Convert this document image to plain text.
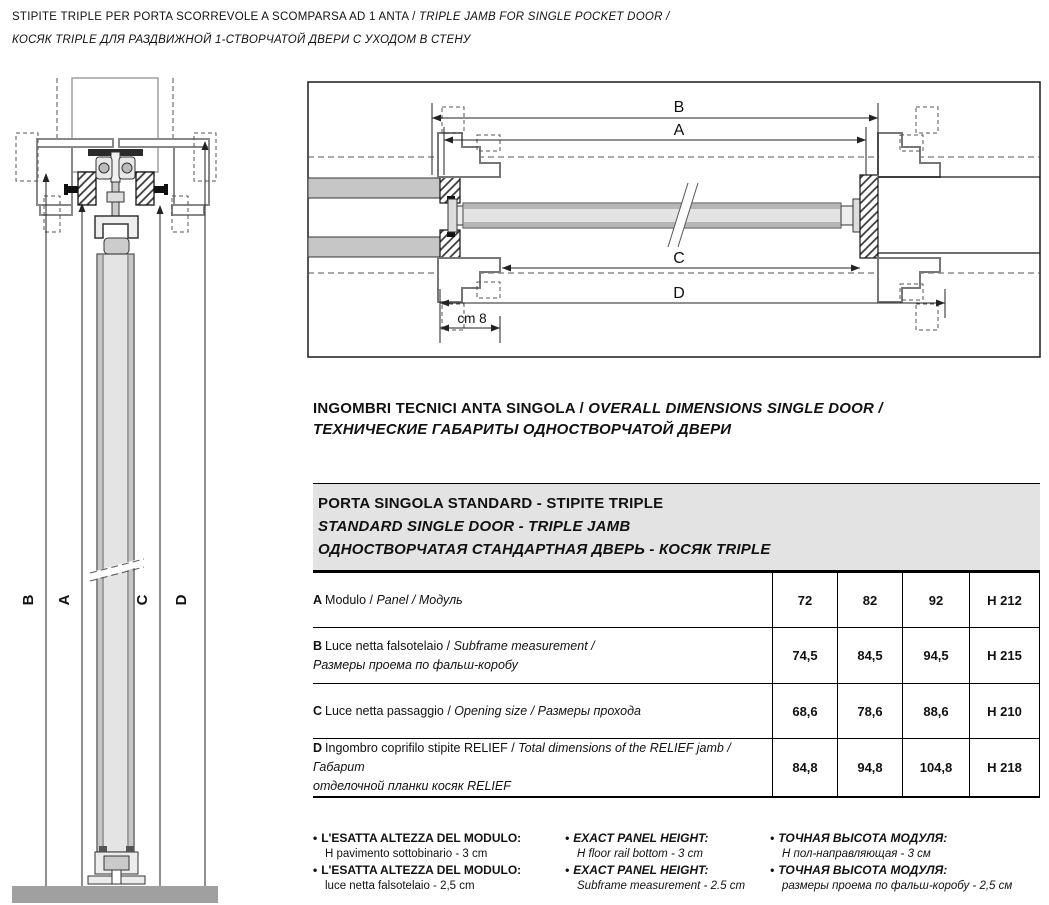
STIPITE TRIPLE PER PORTA SCORREVOLE A SCOMPARSA AD 1 ANTA / TRIPLE JAMB FOR SINGLE POCKET DOOR /
КОСЯК TRIPLE ДЛЯ РАЗДВИЖНОЙ 1-СТВОРЧАТОЙ ДВЕРИ С УХОДОМ В СТЕНУ
B A	C D
B
A
C
D
cm 8
INGOMBRI TECNICI ANTA SINGOLA / OVERALL DIMENSIONS SINGLE DOOR /
ТЕХНИЧЕСКИЕ ГАБАРИТЫ ОДНОСТВОРЧАТОЙ ДВЕРИ
PORTA SINGOLA STANDARD - STIPITE TRIPLE
STANDARD SINGLE DOOR - TRIPLE JAMB
ОДНОСТВОРЧАТАЯ СТАНДАРТНАЯ ДВЕРЬ - КОСЯК TRIPLE
A Modulo / Panel / Модуль	72	82	92	H 212
B Luce netta falsotelaio / Subframe measurement /
Размеры проема по фальш-коробу
74,5	84,5	94,5	H 215
C Luce netta passaggio / Opening size / Размеры прохода	68,6	78,6	88,6	H 210
D Ingombro coprifilo stipite RELIEF / Total dimensions of the RELIEF jamb / Габарит
отделочной планки косяк RELIEF
84,8	94,8	104,8	H 218
• L'ESATTA ALTEZZA DEL MODULO:
H pavimento sottobinario - 3 cm
• L'ESATTA ALTEZZA DEL MODULO:
luce netta falsotelaio - 2,5 cm
• EXACT PANEL HEIGHT:
H floor rail bottom - 3 cm
• EXACT PANEL HEIGHT:
Subframe measurement - 2.5 cm
• ТОЧНАЯ ВЫСОТА МОДУЛЯ:
Н пол-направляющая - 3 см
• ТОЧНАЯ ВЫСОТА МОДУЛЯ:
размеры проема по фальш-коробу - 2,5 см
